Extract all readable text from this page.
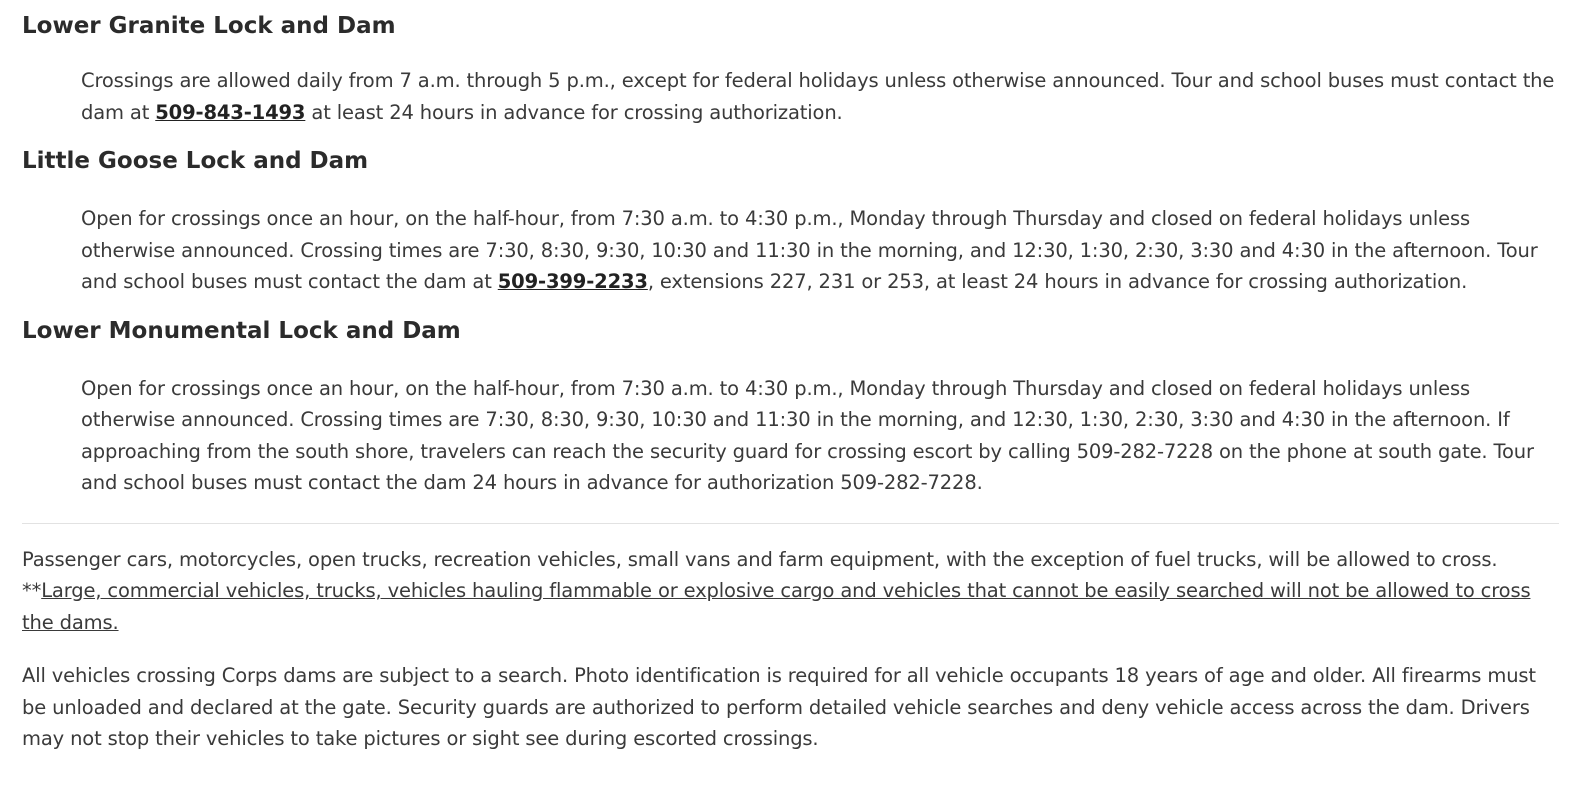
Lower Granite Lock and Dam

Crossings are allowed daily from 7 a.m. through 5 p.m., except for federal holidays unless otherwise announced. Tour and school buses must contact the dam at 509-843-1493 at least 24 hours in advance for crossing authorization.

Little Goose Lock and Dam

Open for crossings once an hour, on the half-hour, from 7:30 a.m. to 4:30 p.m., Monday through Thursday and closed on federal holidays unless otherwise announced. Crossing times are 7:30, 8:30, 9:30, 10:30 and 11:30 in the morning, and 12:30, 1:30, 2:30, 3:30 and 4:30 in the afternoon. Tour and school buses must contact the dam at 509-399-2233, extensions 227, 231 or 253, at least 24 hours in advance for crossing authorization.

Lower Monumental Lock and Dam

Open for crossings once an hour, on the half-hour, from 7:30 a.m. to 4:30 p.m., Monday through Thursday and closed on federal holidays unless otherwise announced. Crossing times are 7:30, 8:30, 9:30, 10:30 and 11:30 in the morning, and 12:30, 1:30, 2:30, 3:30 and 4:30 in the afternoon. If approaching from the south shore, travelers can reach the security guard for crossing escort by calling 509-282-7228 on the phone at south gate. Tour and school buses must contact the dam 24 hours in advance for authorization 509-282-7228.

Passenger cars, motorcycles, open trucks, recreation vehicles, small vans and farm equipment, with the exception of fuel trucks, will be allowed to cross.
**Large, commercial vehicles, trucks, vehicles hauling flammable or explosive cargo and vehicles that cannot be easily searched will not be allowed to cross the dams.

All vehicles crossing Corps dams are subject to a search. Photo identification is required for all vehicle occupants 18 years of age and older. All firearms must be unloaded and declared at the gate. Security guards are authorized to perform detailed vehicle searches and deny vehicle access across the dam. Drivers may not stop their vehicles to take pictures or sight see during escorted crossings.
